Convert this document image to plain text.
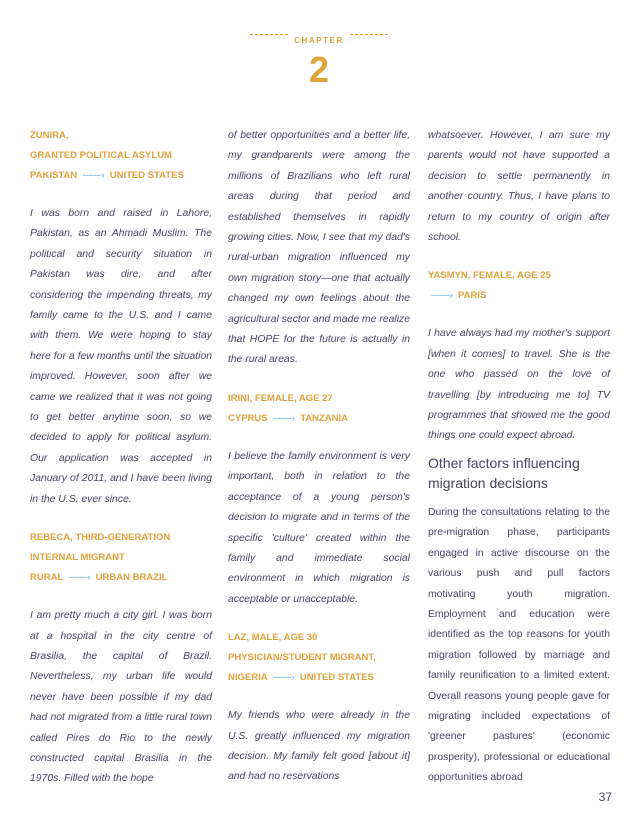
CHAPTER
2
ZUNIRA,
GRANTED POLITICAL ASYLUM
PAKISTAN ‐‐‐‐‐‐‐› UNITED STATES

I was born and raised in Lahore, Pakistan, as an Ahmadi Muslim. The political and security situation in Pakistan was dire, and after considering the impending threats, my family came to the U.S. and I came with them. We were hoping to stay here for a few months until the situation improved. However, soon after we came we realized that it was not going to get better anytime soon, so we decided to apply for political asylum. Our application was accepted in January of 2011, and I have been living in the U.S. ever since.

REBECA, THIRD-GENERATION
INTERNAL MIGRANT
RURAL ‐‐‐‐‐‐‐› URBAN BRAZIL

I am pretty much a city girl. I was born at a hospital in the city centre of Brasilia, the capital of Brazil. Nevertheless, my urban life would never have been possible if my dad had not migrated from a little rural town called Pires do Rio to the newly constructed capital Brasilia in the 1970s. Filled with the hope

of better opportunities and a better life, my grandparents were among the millions of Brazilians who left rural areas during that period and established themselves in rapidly growing cities. Now, I see that my dad's rural-urban migration influenced my own migration story—one that actually changed my own feelings about the agricultural sector and made me realize that HOPE for the future is actually in the rural areas.

IRINI, FEMALE, AGE 27
CYPRUS ‐‐‐‐‐‐‐› TANZANIA

I believe the family environment is very important, both in relation to the acceptance of a young person's decision to migrate and in terms of the specific 'culture' created within the family and immediate social environment in which migration is acceptable or unacceptable.

LAZ, MALE, AGE 30
PHYSICIAN/STUDENT MIGRANT,
NIGERIA ‐‐‐‐‐‐‐› UNITED STATES

My friends who were already in the U.S. greatly influenced my migration decision. My family felt good [about it] and had no reservations

whatsoever. However, I am sure my parents would not have supported a decision to settle permanently in another country. Thus, I have plans to return to my country of origin after school.

YASMYN, FEMALE, AGE 25
‐‐‐‐‐‐‐› PARIS

I have always had my mother's support [when it comes] to travel. She is the one who passed on the love of travelling [by introducing me to] TV programmes that showed me the good things one could expect abroad.

Other factors influencing migration decisions

During the consultations relating to the pre-migration phase, participants engaged in active discourse on the various push and pull factors motivating youth migration. Employment and education were identified as the top reasons for youth migration followed by marriage and family reunification to a limited extent. Overall reasons young people gave for migrating included expectations of 'greener pastures' (economic prosperity), professional or educational opportunities abroad

37
